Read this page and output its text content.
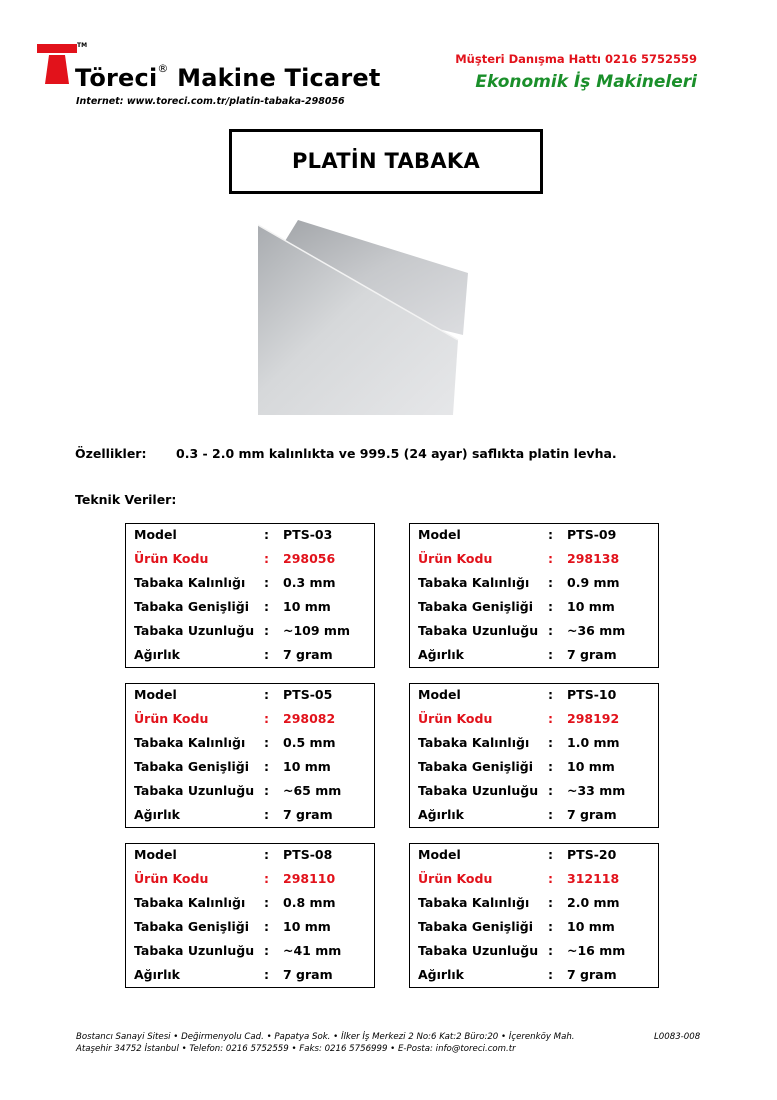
TM
Töreci® Makine Ticaret
Internet: www.toreci.com.tr/platin-tabaka-298056
Müşteri Danışma Hattı 0216 5752559
Ekonomik İş Makineleri
PLATİN TABAKA
Özellikler: 0.3 - 2.0 mm kalınlıkta ve 999.5 (24 ayar) saflıkta platin levha.
Teknik Veriler:
Model	: PTS-03
Ürün Kodu	: 298056
Tabaka Kalınlığı : 0.3 mm
Tabaka Genişliği : 10 mm
Tabaka Uzunluğu : ~109 mm
Ağırlık	: 7 gram
Model	: PTS-09
Ürün Kodu	: 298138
Tabaka Kalınlığı : 0.9 mm
Tabaka Genişliği : 10 mm
Tabaka Uzunluğu : ~36 mm
Ağırlık	: 7 gram
Model	: PTS-05
Ürün Kodu	: 298082
Tabaka Kalınlığı : 0.5 mm
Tabaka Genişliği : 10 mm
Tabaka Uzunluğu : ~65 mm
Ağırlık	: 7 gram
Model	: PTS-10
Ürün Kodu	: 298192
Tabaka Kalınlığı : 1.0 mm
Tabaka Genişliği : 10 mm
Tabaka Uzunluğu : ~33 mm
Ağırlık	: 7 gram
Model	: PTS-08
Ürün Kodu	: 298110
Tabaka Kalınlığı : 0.8 mm
Tabaka Genişliği : 10 mm
Tabaka Uzunluğu : ~41 mm
Ağırlık	: 7 gram
Model	: PTS-20
Ürün Kodu	: 312118
Tabaka Kalınlığı : 2.0 mm
Tabaka Genişliği : 10 mm
Tabaka Uzunluğu : ~16 mm
Ağırlık	: 7 gram
Bostancı Sanayi Sitesi • Değirmenyolu Cad. • Papatya Sok. • İlker İş Merkezi 2 No:6 Kat:2 Büro:20 • İçerenköy Mah.
Ataşehir 34752 İstanbul • Telefon: 0216 5752559 • Faks: 0216 5756999 • E-Posta: info@toreci.com.tr
L0083-008
